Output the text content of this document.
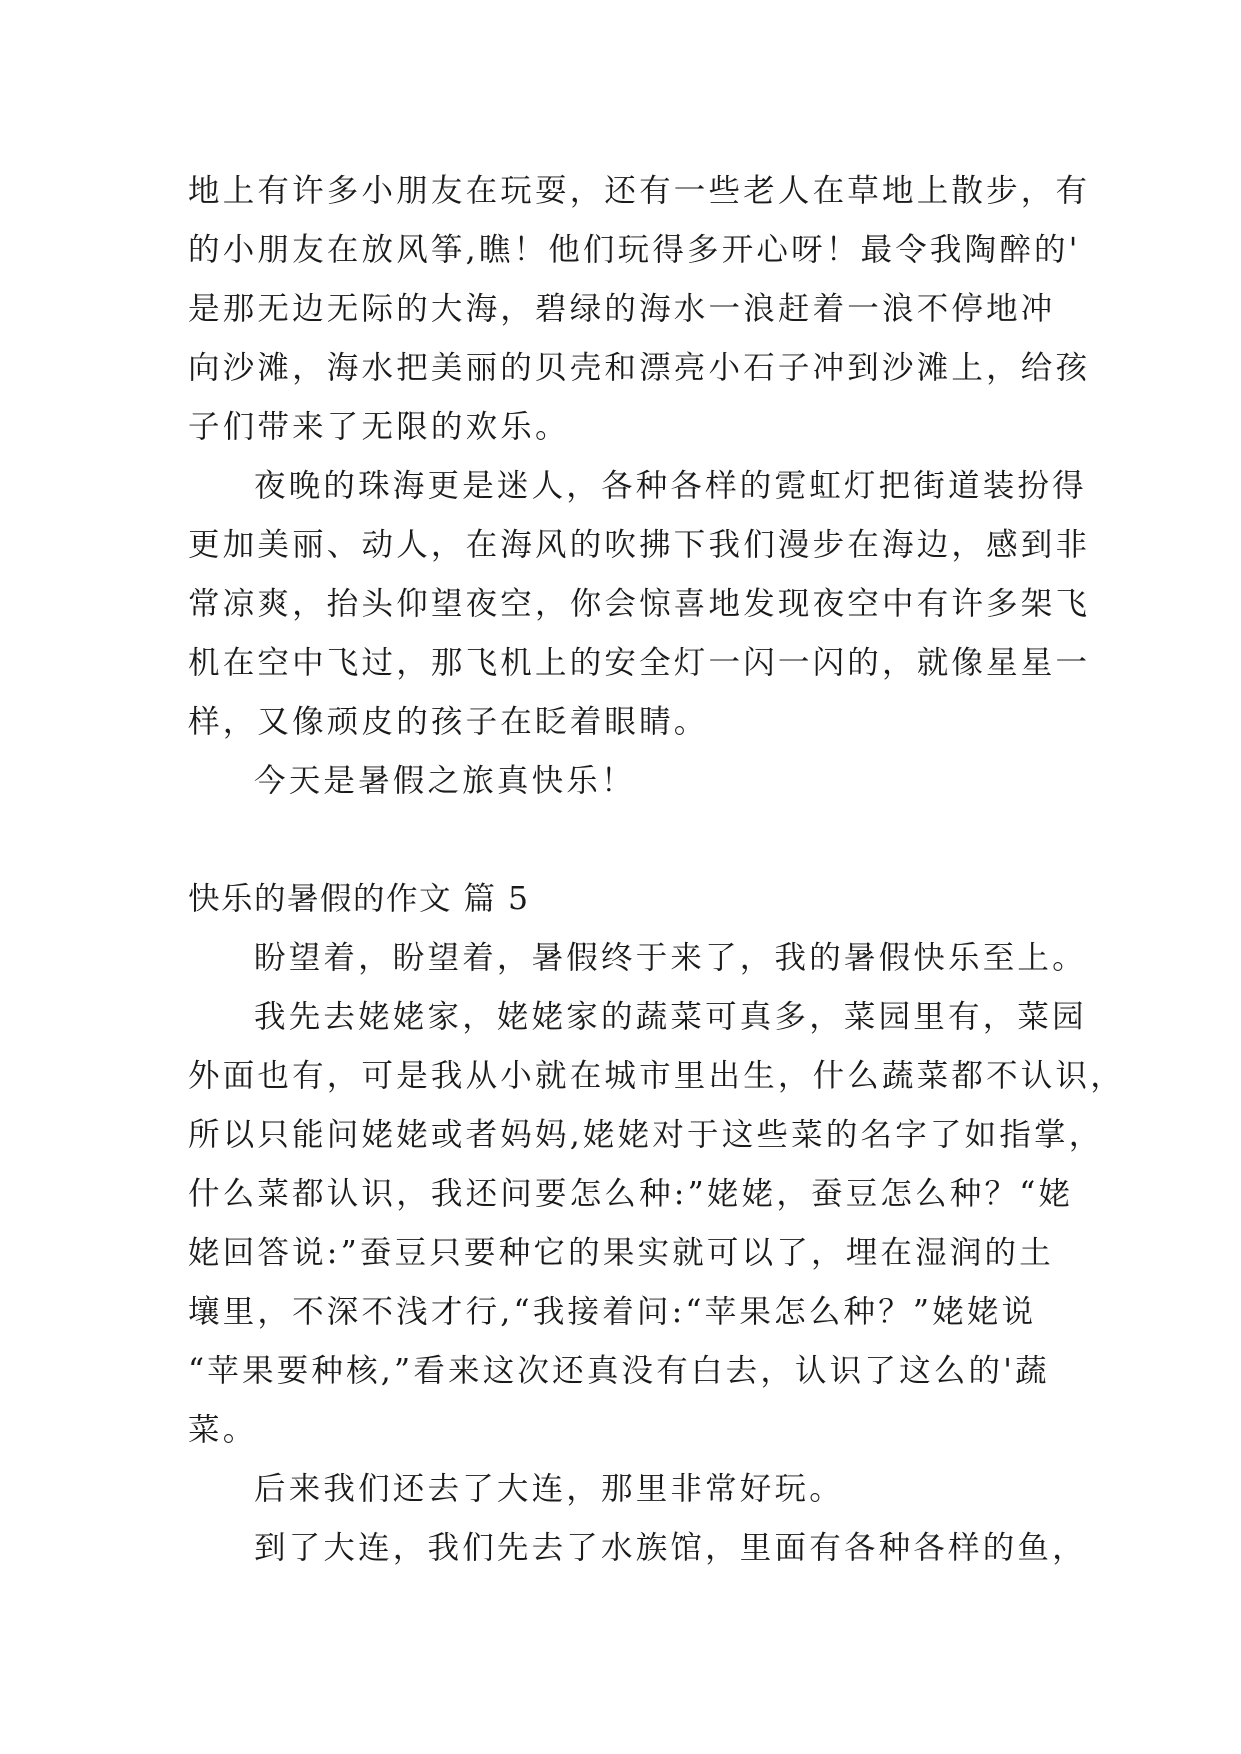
地上有许多小朋友在玩耍，还有一些老人在草地上散步，有
的小朋友在放风筝,瞧！他们玩得多开心呀！最令我陶醉的'
是那无边无际的大海，碧绿的海水一浪赶着一浪不停地冲
向沙滩，海水把美丽的贝壳和漂亮小石子冲到沙滩上，给孩
子们带来了无限的欢乐。
夜晚的珠海更是迷人，各种各样的霓虹灯把街道装扮得
更加美丽、动人，在海风的吹拂下我们漫步在海边，感到非
常凉爽，抬头仰望夜空，你会惊喜地发现夜空中有许多架飞
机在空中飞过，那飞机上的安全灯一闪一闪的，就像星星一
样，又像顽皮的孩子在眨着眼睛。
今天是暑假之旅真快乐！
快乐的暑假的作文 篇 5
盼望着，盼望着，暑假终于来了，我的暑假快乐至上。
我先去姥姥家，姥姥家的蔬菜可真多，菜园里有，菜园
外面也有，可是我从小就在城市里出生，什么蔬菜都不认识，
所以只能问姥姥或者妈妈,姥姥对于这些菜的名字了如指掌，
什么菜都认识，我还问要怎么种:”姥姥，蚕豆怎么种？“姥
姥回答说:”蚕豆只要种它的果实就可以了，埋在湿润的土
壤里，不深不浅才行,“我接着问:“苹果怎么种？”姥姥说
“苹果要种核,”看来这次还真没有白去，认识了这么的'蔬
菜。
后来我们还去了大连，那里非常好玩。
到了大连，我们先去了水族馆，里面有各种各样的鱼，
